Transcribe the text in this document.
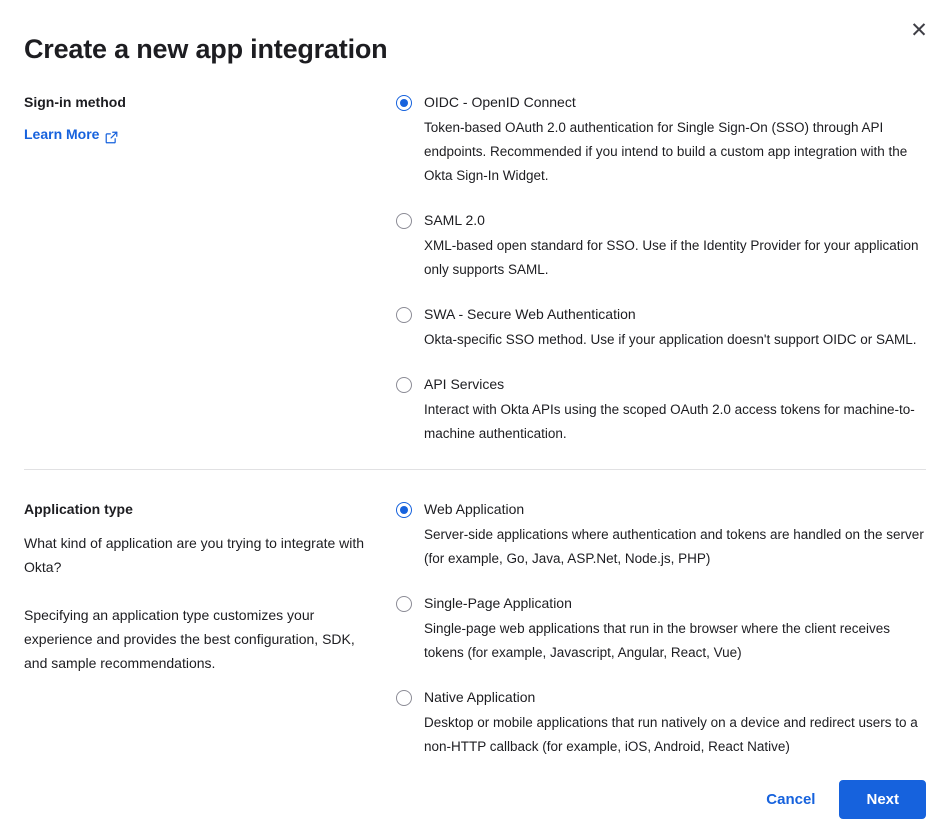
✕
Create a new app integration

Sign-in method

Learn More
OIDC - OpenID Connect
Token-based OAuth 2.0 authentication for Single Sign-On (SSO) through API endpoints. Recommended if you intend to build a custom app integration with the Okta Sign-In Widget.
SAML 2.0
XML-based open standard for SSO. Use if the Identity Provider for your application only supports SAML.
SWA - Secure Web Authentication
Okta-specific SSO method. Use if your application doesn't support OIDC or SAML.
API Services
Interact with Okta APIs using the scoped OAuth 2.0 access tokens for machine-to-machine authentication.

Application type

What kind of application are you trying to integrate with Okta?

Specifying an application type customizes your experience and provides the best configuration, SDK, and sample recommendations.

Web Application
Server-side applications where authentication and tokens are handled on the server (for example, Go, Java, ASP.Net, Node.js, PHP)
Single-Page Application
Single-page web applications that run in the browser where the client receives tokens (for example, Javascript, Angular, React, Vue)
Native Application
Desktop or mobile applications that run natively on a device and redirect users to a non-HTTP callback (for example, iOS, Android, React Native)
Cancel	Next
